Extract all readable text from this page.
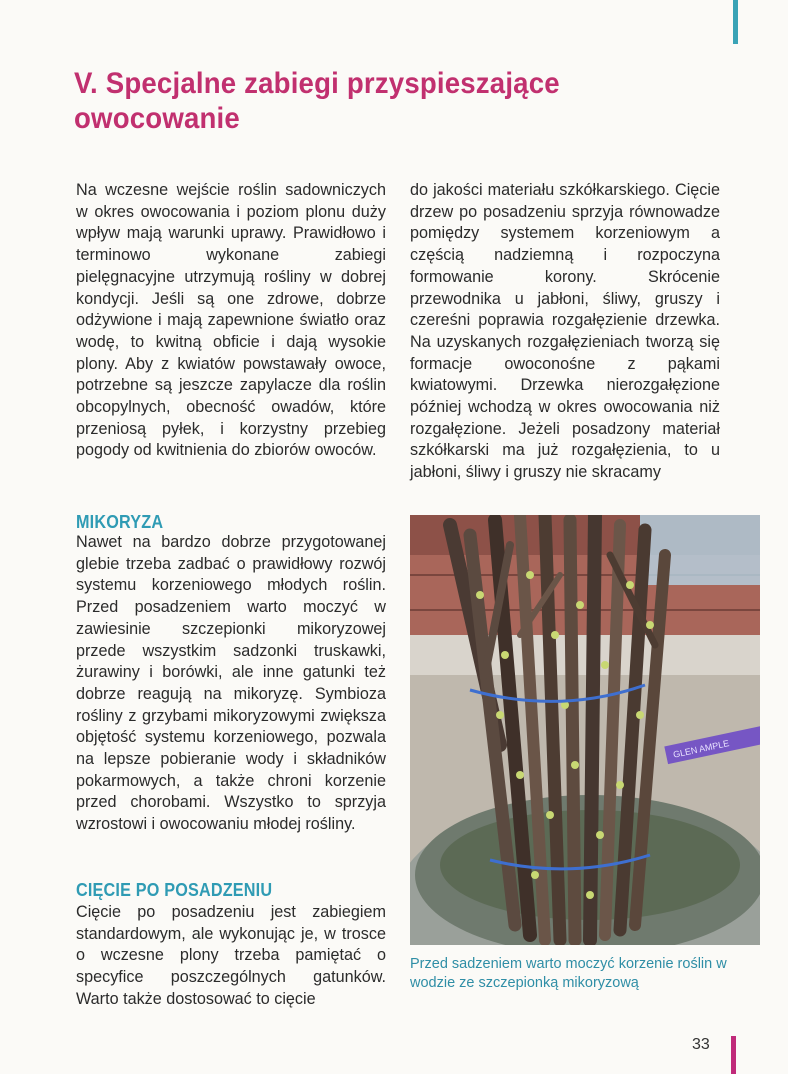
V. Specjalne zabiegi przyspieszające owocowanie

Na wczesne wejście roślin sadowniczych w okres owocowania i poziom plonu duży wpływ mają warunki uprawy. Prawidłowo i terminowo wykonane zabiegi pielęgnacyjne utrzymują rośliny w dobrej kondycji. Jeśli są one zdrowe, dobrze odżywione i mają zapewnione światło oraz wodę, to kwitną obficie i dają wysokie plony. Aby z kwiatów powstawały owoce, potrzebne są jeszcze zapylacze dla roślin obcopylnych, obecność owadów, które przeniosą pyłek, i korzystny przebieg pogody od kwitnienia do zbiorów owoców.

do jakości materiału szkółkarskiego. Cięcie drzew po posadzeniu sprzyja równowadze pomiędzy systemem korzeniowym a częścią nadziemną i rozpoczyna formowanie korony. Skrócenie przewodnika u jabłoni, śliwy, gruszy i czereśni poprawia rozgałęzienie drzewka. Na uzyskanych rozgałęzieniach tworzą się formacje owoconośne z pąkami kwiatowymi. Drzewka nierozgałęzione później wchodzą w okres owocowania niż rozgałęzione. Jeżeli posadzony materiał szkółkarski ma już rozgałęzienia, to u jabłoni, śliwy i gruszy nie skracamy

MIKORYZA

Nawet na bardzo dobrze przygotowanej glebie trzeba zadbać o prawidłowy rozwój systemu korzeniowego młodych roślin. Przed posadzeniem warto moczyć w zawiesinie szczepionki mikoryzowej przede wszystkim sadzonki truskawki, żurawiny i borówki, ale inne gatunki też dobrze reagują na mikoryzę. Symbioza rośliny z grzybami mikoryzowymi zwiększa objętość systemu korzeniowego, pozwala na lepsze pobieranie wody i składników pokarmowych, a także chroni korzenie przed chorobami. Wszystko to sprzyja wzrostowi i owocowaniu młodej rośliny.

CIĘCIE PO POSADZENIU

Cięcie po posadzeniu jest zabiegiem standardowym, ale wykonując je, w trosce o wczesne plony trzeba pamiętać o specyfice poszczególnych gatunków. Warto także dostosować to cięcie

GLEN AMPLE
Przed sadzeniem warto moczyć korzenie roślin w wodzie ze szczepionką mikoryzową
33
